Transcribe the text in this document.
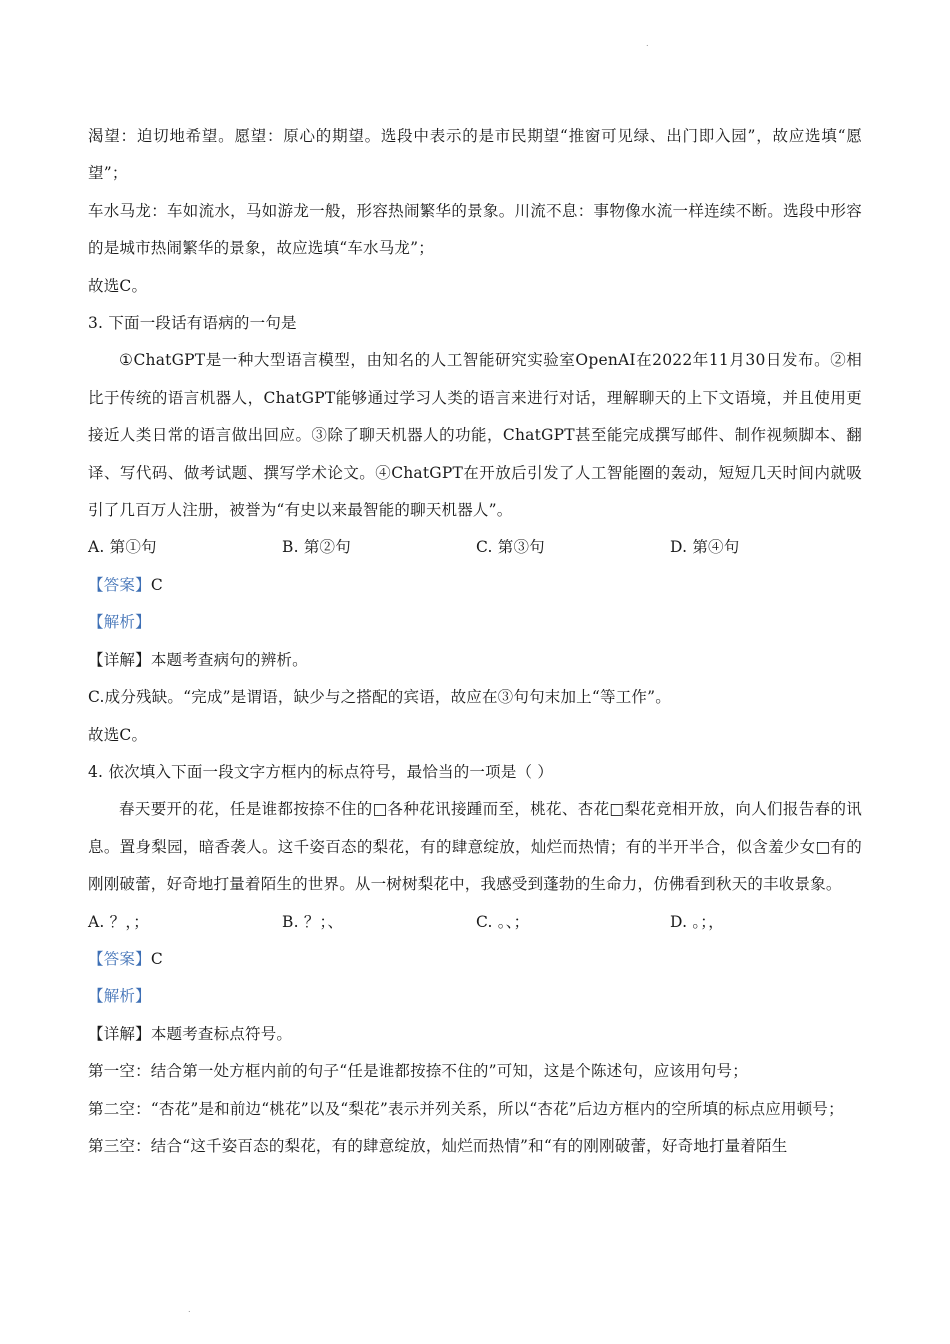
.

渴望：迫切地希望。愿望：原心的期望。选段中表示的是市民期望“推窗可见绿、出门即入园”，故应选填“愿望”；

车水马龙：车如流水，马如游龙一般，形容热闹繁华的景象。川流不息：事物像水流一样连续不断。选段中形容的是城市热闹繁华的景象，故应选填“车水马龙”；

故选C。

3. 下面一段话有语病的一句是

①ChatGPT是一种大型语言模型，由知名的人工智能研究实验室OpenAI在2022年11月30日发布。②相比于传统的语言机器人，ChatGPT能够通过学习人类的语言来进行对话，理解聊天的上下文语境，并且使用更接近人类日常的语言做出回应。③除了聊天机器人的功能，ChatGPT甚至能完成撰写邮件、制作视频脚本、翻译、写代码、做考试题、撰写学术论文。④ChatGPT在开放后引发了人工智能圈的轰动，短短几天时间内就吸引了几百万人注册，被誉为“有史以来最智能的聊天机器人”。

A. 第①句	B. 第②句	C. 第③句	D. 第④句

【答案】C

【解析】

【详解】本题考查病句的辨析。

C.成分残缺。“完成”是谓语，缺少与之搭配的宾语，故应在③句句末加上“等工作”。

故选C。

4. 依次填入下面一段文字方框内的标点符号，最恰当的一项是（ ）

春天要开的花，任是谁都按捺不住的□各种花讯接踵而至，桃花、杏花□梨花竞相开放，向人们报告春的讯息。置身梨园，暗香袭人。这千姿百态的梨花，有的肆意绽放，灿烂而热情；有的半开半合，似含羞少女□有的刚刚破蕾，好奇地打量着陌生的世界。从一树树梨花中，我感受到蓬勃的生命力，仿佛看到秋天的丰收景象。

A. ？，；	B. ？；、	C. 。、；	D. 。；，

【答案】C

【解析】

【详解】本题考查标点符号。

第一空：结合第一处方框内前的句子“任是谁都按捺不住的”可知，这是个陈述句，应该用句号；

第二空：“杏花”是和前边“桃花”以及“梨花”表示并列关系，所以“杏花”后边方框内的空所填的标点应用顿号；

第三空：结合“这千姿百态的梨花，有的肆意绽放，灿烂而热情”和“有的刚刚破蕾，好奇地打量着陌生

.
